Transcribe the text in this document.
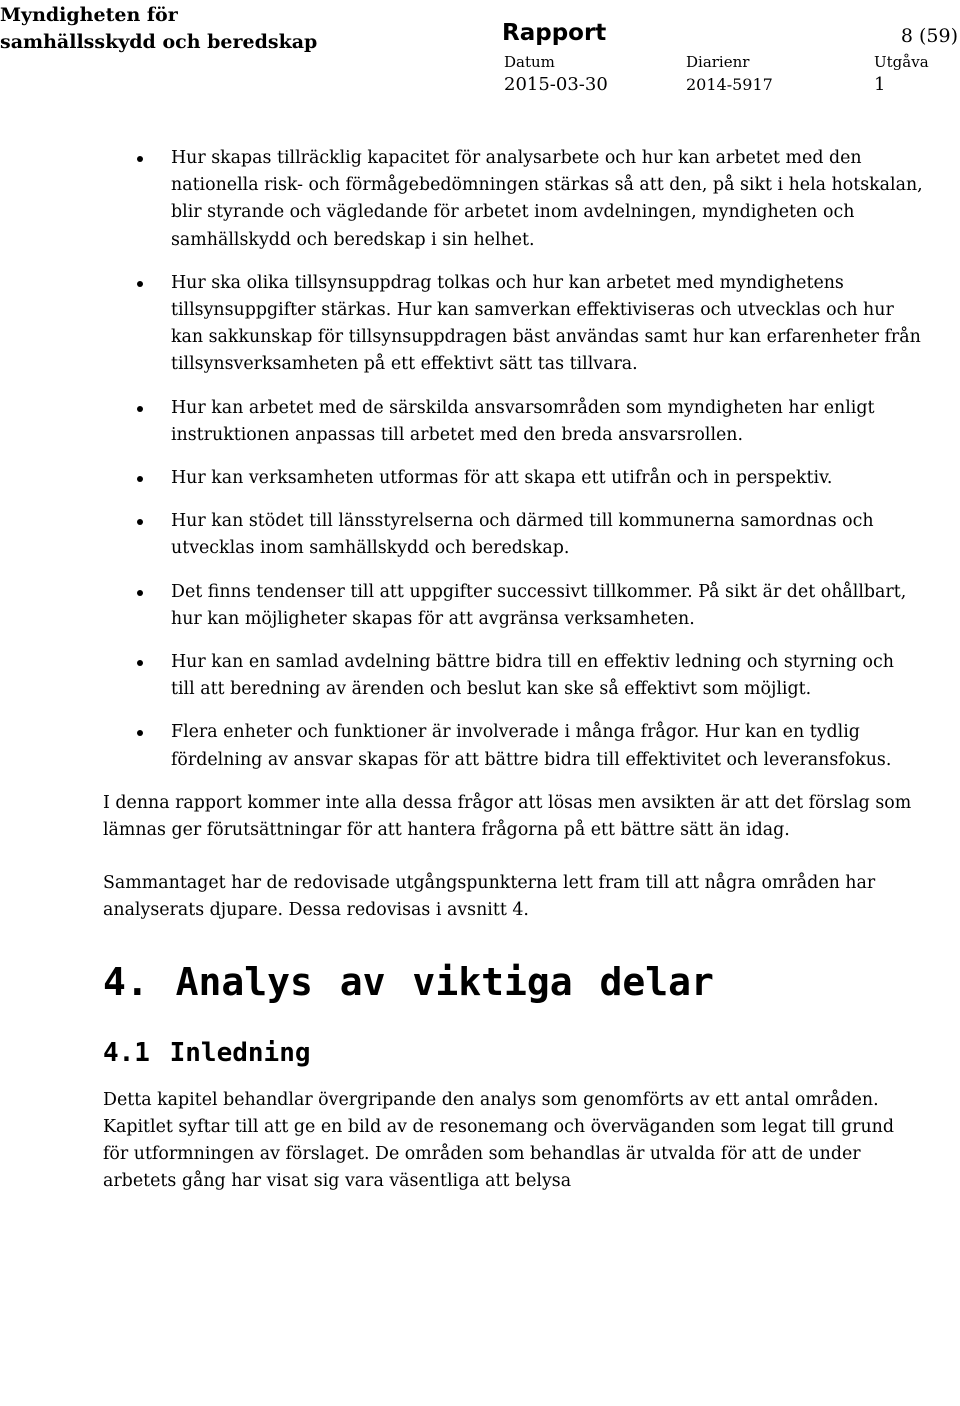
Myndigheten för
samhällsskydd och beredskap	Rapport	8 (59)
Datum	Diarienr	Utgåva
2015-03-30	2014-5917	1
Hur skapas tillräcklig kapacitet för analysarbete och hur kan arbetet med den nationella risk- och förmågebedömningen stärkas så att den, på sikt i hela hotskalan, blir styrande och vägledande för arbetet inom avdelningen, myndigheten och samhällskydd och beredskap i sin helhet.
Hur ska olika tillsynsuppdrag tolkas och hur kan arbetet med myndighetens tillsynsuppgifter stärkas. Hur kan samverkan effektiviseras och utvecklas och hur kan sakkunskap för tillsynsuppdragen bäst användas samt hur kan erfarenheter från tillsynsverksamheten på ett effektivt sätt tas tillvara.
Hur kan arbetet med de särskilda ansvarsområden som myndigheten har enligt instruktionen anpassas till arbetet med den breda ansvarsrollen.
Hur kan verksamheten utformas för att skapa ett utifrån och in perspektiv.
Hur kan stödet till länsstyrelserna och därmed till kommunerna samordnas och utvecklas inom samhällskydd och beredskap.
Det finns tendenser till att uppgifter successivt tillkommer. På sikt är det ohållbart, hur kan möjligheter skapas för att avgränsa verksamheten.
Hur kan en samlad avdelning bättre bidra till en effektiv ledning och styrning och till att beredning av ärenden och beslut kan ske så effektivt som möjligt.
Flera enheter och funktioner är involverade i många frågor. Hur kan en tydlig fördelning av ansvar skapas för att bättre bidra till effektivitet och leveransfokus.

I denna rapport kommer inte alla dessa frågor att lösas men avsikten är att det förslag som lämnas ger förutsättningar för att hantera frågorna på ett bättre sätt än idag.

Sammantaget har de redovisade utgångspunkterna lett fram till att några områden har analyserats djupare. Dessa redovisas i avsnitt 4.

4. Analys av viktiga delar
4.1 Inledning

Detta kapitel behandlar övergripande den analys som genomförts av ett antal områden. Kapitlet syftar till att ge en bild av de resonemang och överväganden som legat till grund för utformningen av förslaget. De områden som behandlas är utvalda för att de under arbetets gång har visat sig vara väsentliga att belysa
